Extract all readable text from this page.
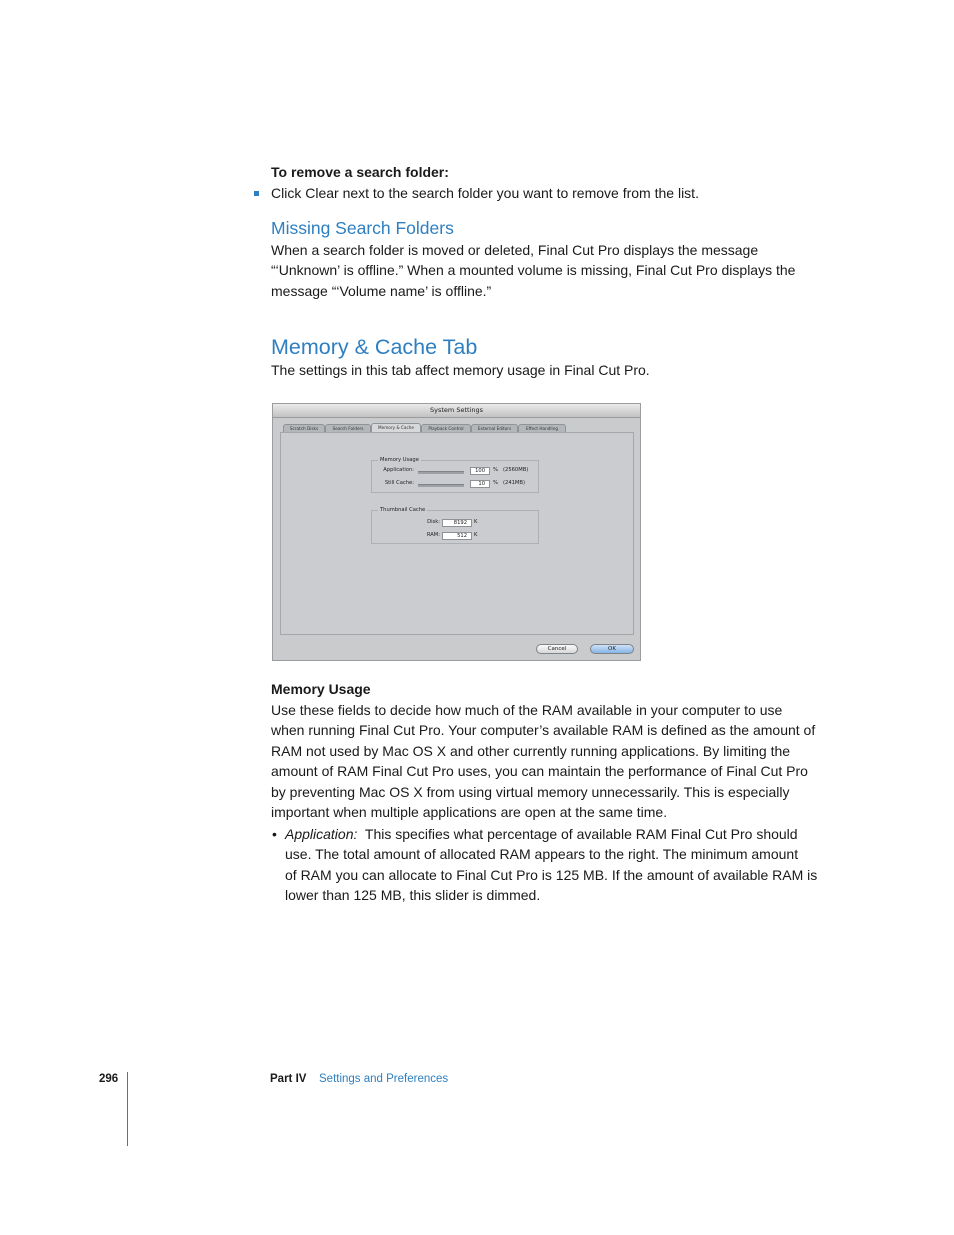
To remove a search folder:
Click Clear next to the search folder you want to remove from the list.
Missing Search Folders
When a search folder is moved or deleted, Final Cut Pro displays the message
“‘Unknown’ is offline.” When a mounted volume is missing, Final Cut Pro displays the
message “‘Volume name’ is offline.”
Memory & Cache Tab
The settings in this tab affect memory usage in Final Cut Pro.
System Settings
Scratch Disks	Search Folders	Memory & Cache	Playback Control	External Editors	Effect Handling
Memory Usage
Application:	100	% (2560MB)
Still Cache:	10	% (241MB)
Thumbnail Cache
Disk:	8192	K
RAM:	512	K
Cancel	OK
Memory Usage
Use these fields to decide how much of the RAM available in your computer to use
when running Final Cut Pro. Your computer’s available RAM is defined as the amount of
RAM not used by Mac OS X and other currently running applications. By limiting the
amount of RAM Final Cut Pro uses, you can maintain the performance of Final Cut Pro
by preventing Mac OS X from using virtual memory unnecessarily. This is especially
important when multiple applications are open at the same time.
• Application: This specifies what percentage of available RAM Final Cut Pro should
use. The total amount of allocated RAM appears to the right. The minimum amount
of RAM you can allocate to Final Cut Pro is 125 MB. If the amount of available RAM is
lower than 125 MB, this slider is dimmed.
296	Part IV Settings and Preferences
